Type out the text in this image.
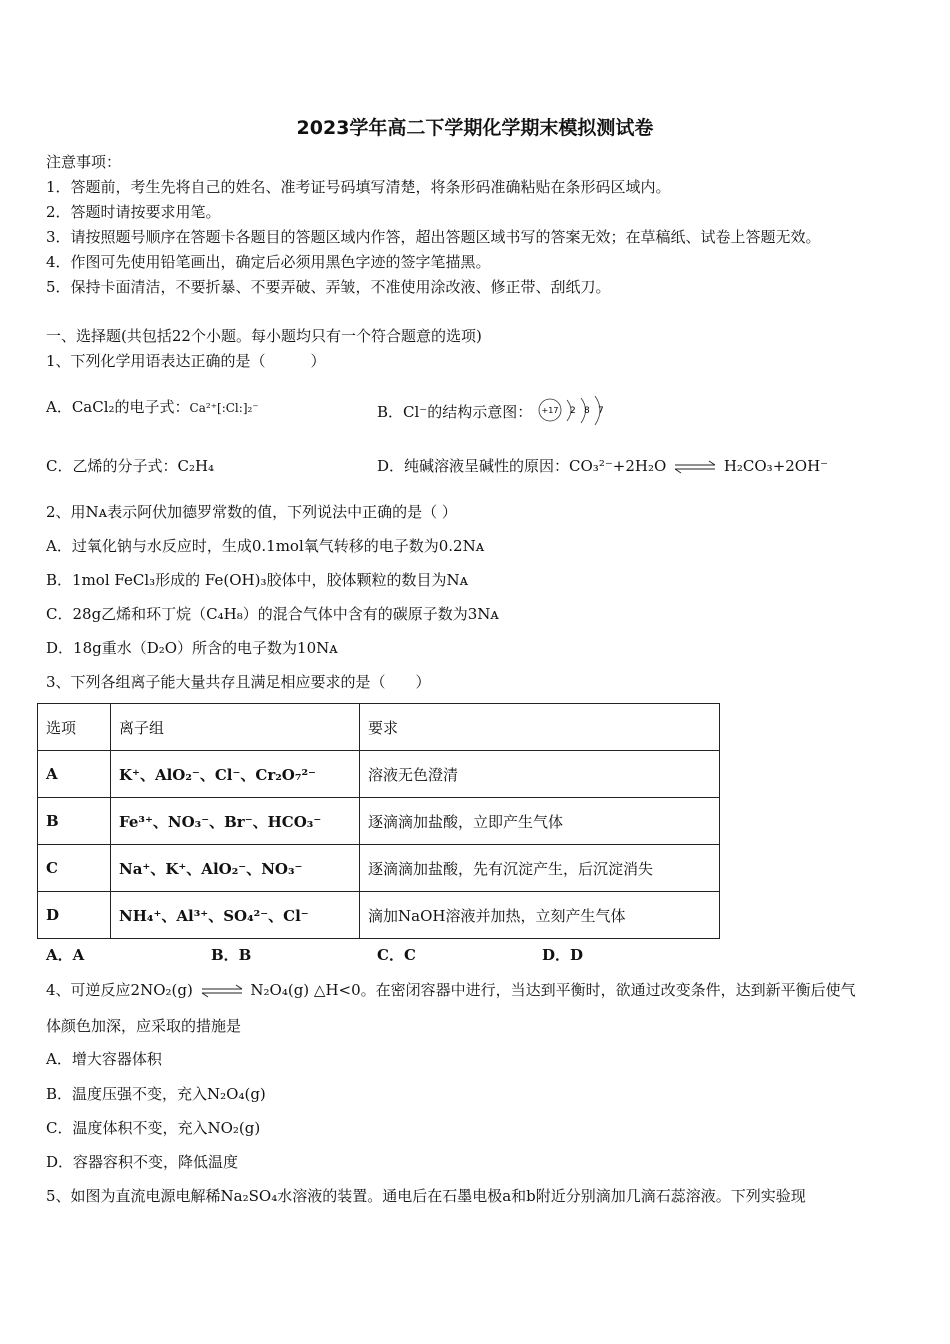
2023学年高二下学期化学期末模拟测试卷
注意事项：
1．答题前，考生先将自己的姓名、准考证号码填写清楚，将条形码准确粘贴在条形码区域内。
2．答题时请按要求用笔。
3．请按照题号顺序在答题卡各题目的答题区域内作答，超出答题区域书写的答案无效；在草稿纸、试卷上答题无效。
4．作图可先使用铅笔画出，确定后必须用黑色字迹的签字笔描黑。
5．保持卡面清洁，不要折暴、不要弄破、弄皱，不准使用涂改液、修正带、刮纸刀。
一、选择题(共包括22个小题。每小题均只有一个符合题意的选项)
1、下列化学用语表达正确的是（　　　）
A．CaCl₂的电子式：Ca²⁺[:Cl:]₂⁻	B．Cl⁻的结构示意图： +17 2 8 7
C．乙烯的分子式：C₂H₄	D．纯碱溶液呈碱性的原因：CO₃²⁻+2H₂O ⇌ H₂CO₃+2OH⁻
2、用Nᴀ表示阿伏加德罗常数的值，下列说法中正确的是（ ）
A．过氧化钠与水反应时，生成0.1mol氧气转移的电子数为0.2Nᴀ
B．1mol FeCl₃形成的 Fe(OH)₃胶体中，胶体颗粒的数目为Nᴀ
C．28g乙烯和环丁烷（C₄H₈）的混合气体中含有的碳原子数为3Nᴀ
D．18g重水（D₂O）所含的电子数为10Nᴀ
3、下列各组离子能大量共存且满足相应要求的是（　　）
选项	离子组	要求
A	K⁺、AlO₂⁻、Cl⁻、Cr₂O₇²⁻	溶液无色澄清
B	Fe³⁺、NO₃⁻、Br⁻、HCO₃⁻	逐滴滴加盐酸，立即产生气体
C	Na⁺、K⁺、AlO₂⁻、NO₃⁻	逐滴滴加盐酸，先有沉淀产生，后沉淀消失
D	NH₄⁺、Al³⁺、SO₄²⁻、Cl⁻	滴加NaOH溶液并加热，立刻产生气体
A．A	B．B	C．C	D．D
4、可逆反应2NO₂(g) ⇌ N₂O₄(g) △H<0。在密闭容器中进行，当达到平衡时，欲通过改变条件，达到新平衡后使气
体颜色加深，应采取的措施是
A．增大容器体积
B．温度压强不变，充入N₂O₄(g)
C．温度体积不变，充入NO₂(g)
D．容器容积不变，降低温度
5、如图为直流电源电解稀Na₂SO₄水溶液的装置。通电后在石墨电极a和b附近分别滴加几滴石蕊溶液。下列实验现
